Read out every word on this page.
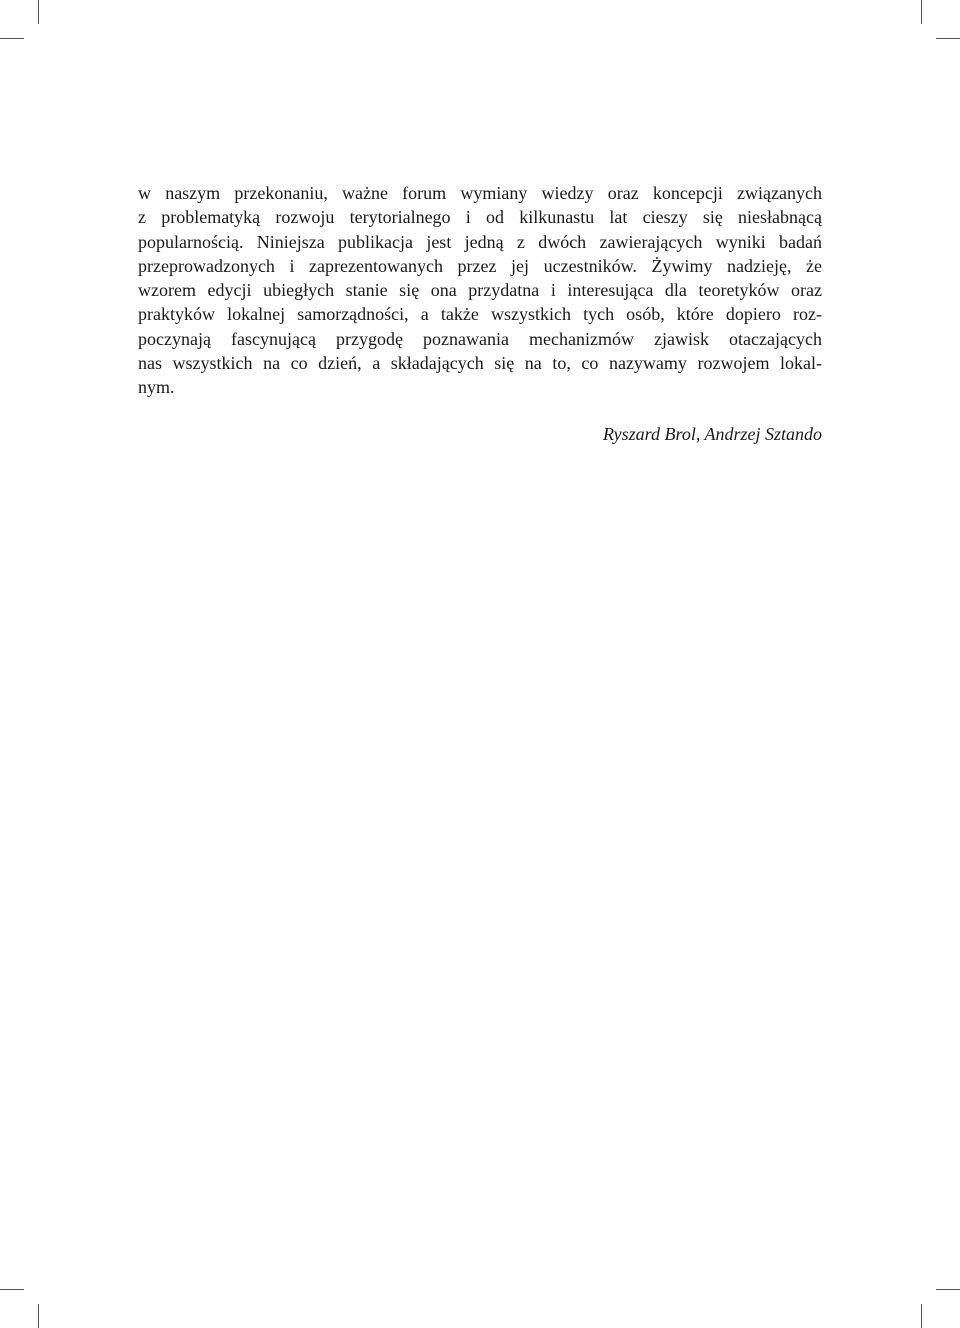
w naszym przekonaniu, ważne forum wymiany wiedzy oraz koncepcji związanych
z problematyką rozwoju terytorialnego i od kilkunastu lat cieszy się niesłabnącą
popularnością. Niniejsza publikacja jest jedną z dwóch zawierających wyniki badań
przeprowadzonych i zaprezentowanych przez jej uczestników. Żywimy nadzieję, że
wzorem edycji ubiegłych stanie się ona przydatna i interesująca dla teoretyków oraz
praktyków lokalnej samorządności, a także wszystkich tych osób, które dopiero roz-
poczynają fascynującą przygodę poznawania mechanizmów zjawisk otaczających
nas wszystkich na co dzień, a składających się na to, co nazywamy rozwojem lokal-
nym.
Ryszard Brol, Andrzej Sztando
